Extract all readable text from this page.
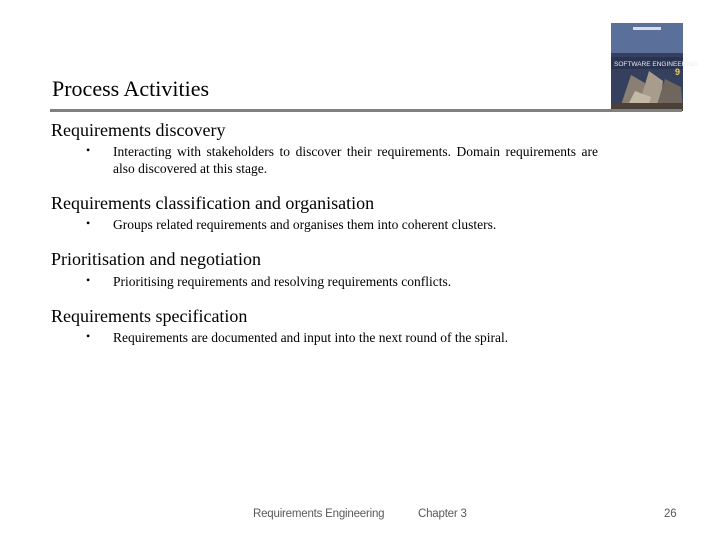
SOFTWARE ENGINEERING
9
Process Activities
Requirements discovery
• Interacting with stakeholders to discover their requirements. Domain requirements are also discovered at this stage.
Requirements classification and organisation
• Groups related requirements and organises them into coherent clusters.
Prioritisation and negotiation
• Prioritising requirements and resolving requirements conflicts.
Requirements specification
• Requirements are documented and input into the next round of the spiral.
Requirements Engineering	Chapter 3	26
